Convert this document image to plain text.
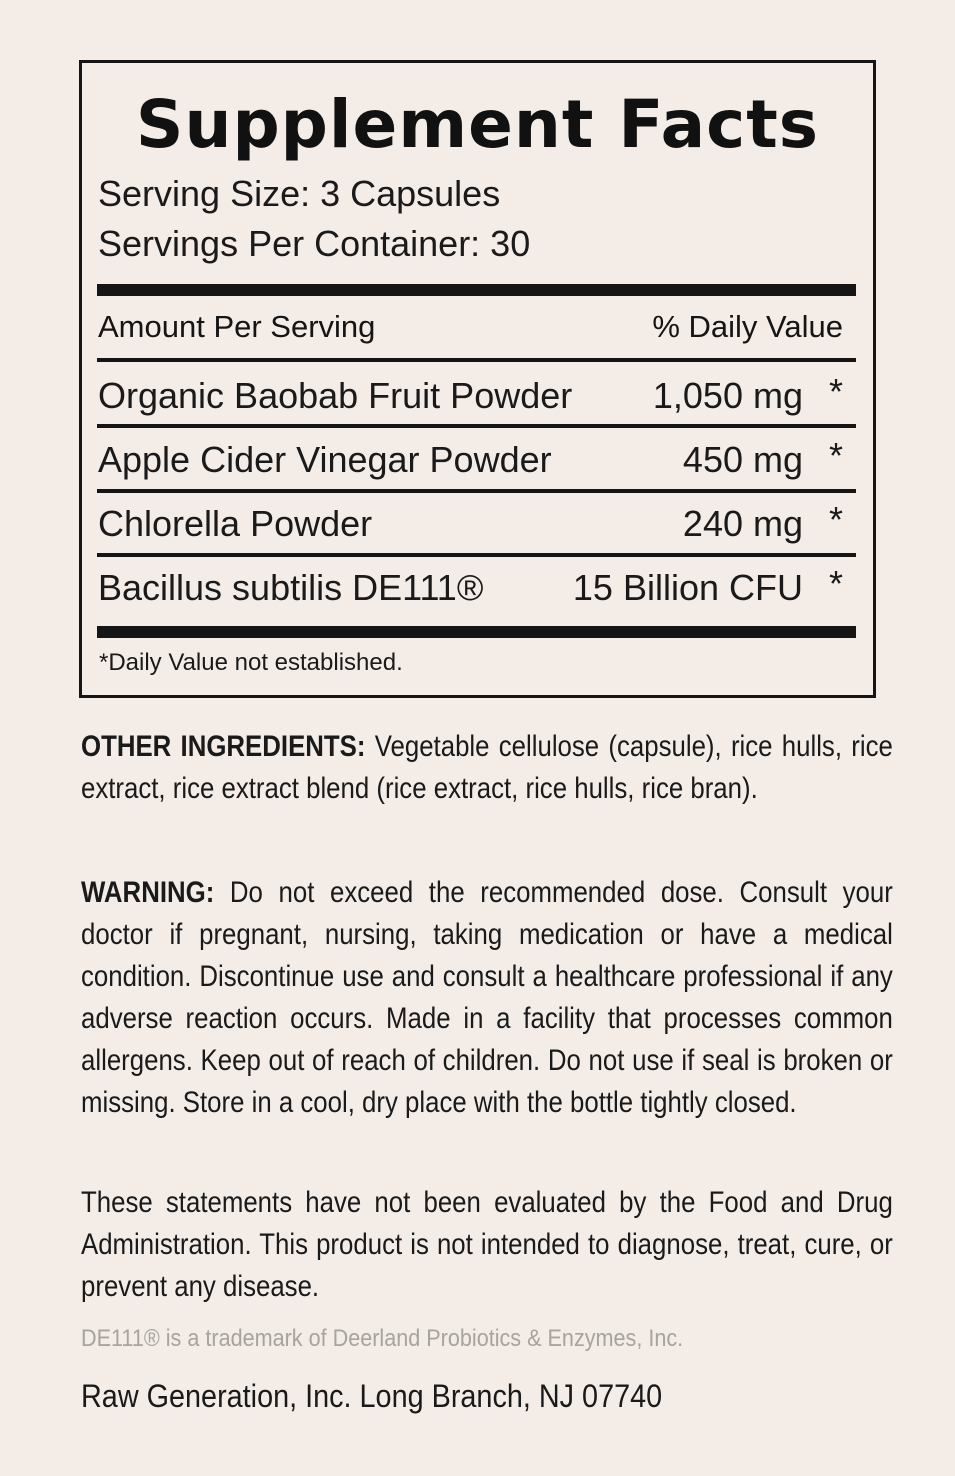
Supplement Facts
Serving Size: 3 Capsules
Servings Per Container: 30
Amount Per Serving	% Daily Value
Organic Baobab Fruit Powder 1,050 mg *
Apple Cider Vinegar Powder	450 mg *
Chlorella Powder	240 mg *
Bacillus subtilis DE111® 15 Billion CFU *
*Daily Value not established.
OTHER INGREDIENTS: Vegetable cellulose (capsule), rice hulls, rice extract, rice extract blend (rice extract, rice hulls, rice bran).
WARNING: Do not exceed the recommended dose. Consult your doctor if pregnant, nursing, taking medication or have a medical condition. Discontinue use and consult a healthcare professional if any adverse reaction occurs. Made in a facility that processes common allergens. Keep out of reach of children. Do not use if seal is broken or missing. Store in a cool, dry place with the bottle tightly closed.
These statements have not been evaluated by the Food and Drug Administration. This product is not intended to diagnose, treat, cure, or prevent any disease.
DE111® is a trademark of Deerland Probiotics & Enzymes, Inc.
Raw Generation, Inc. Long Branch, NJ 07740
